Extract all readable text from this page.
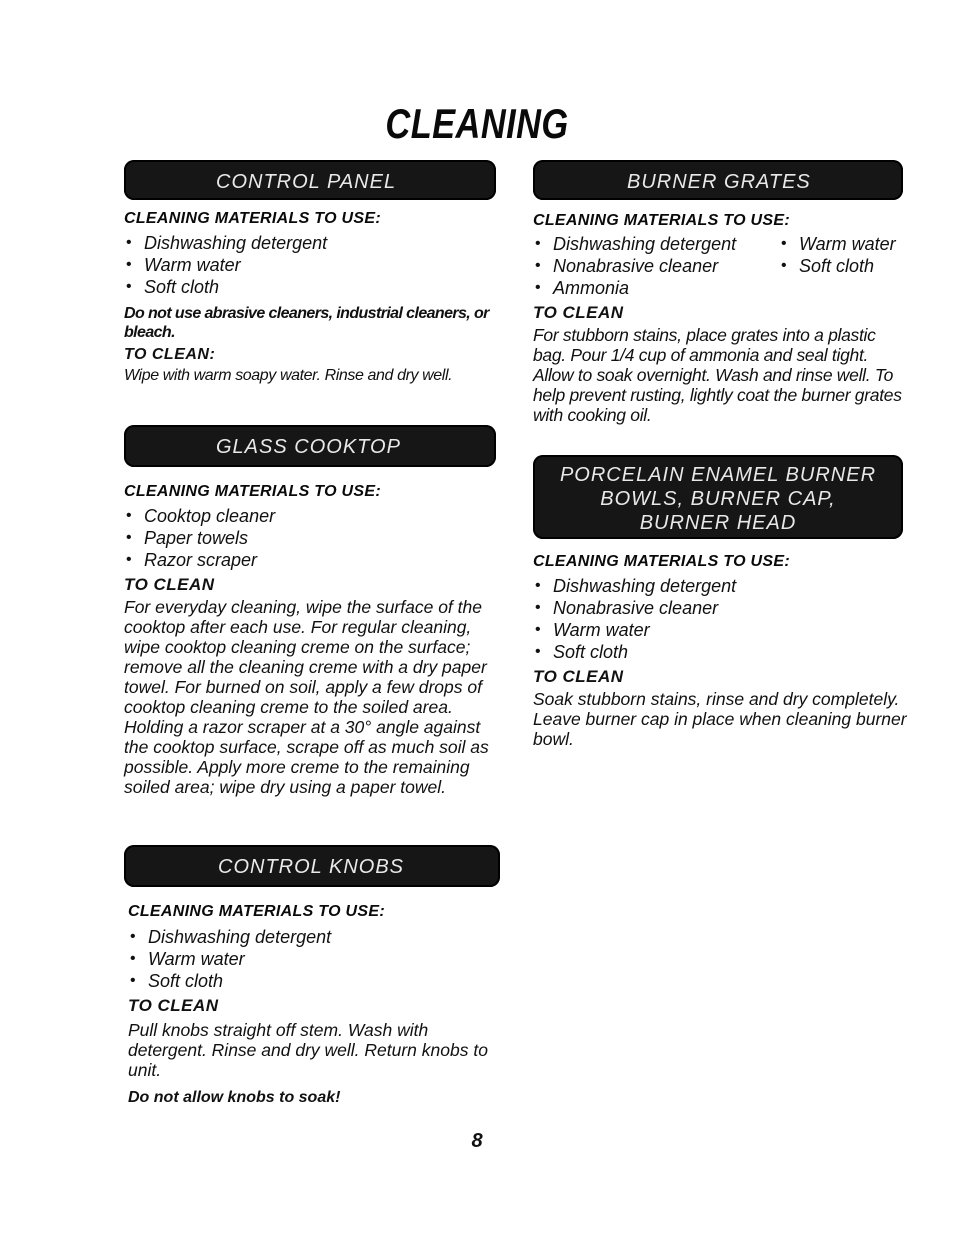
CLEANING
CONTROL PANEL

CLEANING MATERIALS TO USE:

• Dishwashing detergent
• Warm water
• Soft cloth

Do not use abrasive cleaners, industrial cleaners, or bleach.

TO CLEAN:

Wipe with warm soapy water. Rinse and dry well.

GLASS COOKTOP

CLEANING MATERIALS TO USE:

• Cooktop cleaner
• Paper towels
• Razor scraper

TO CLEAN

For everyday cleaning, wipe the surface of the cooktop after each use. For regular cleaning, wipe cooktop cleaning creme on the surface; remove all the cleaning creme with a dry paper towel. For burned on soil, apply a few drops of cooktop cleaning creme to the soiled area. Holding a razor scraper at a 30° angle against the cooktop surface, scrape off as much soil as possible. Apply more creme to the remaining soiled area; wipe dry using a paper towel.

CONTROL KNOBS

CLEANING MATERIALS TO USE:

• Dishwashing detergent
• Warm water
• Soft cloth

TO CLEAN

Pull knobs straight off stem. Wash with detergent. Rinse and dry well. Return knobs to unit.

Do not allow knobs to soak!

BURNER GRATES

CLEANING MATERIALS TO USE:

• Dishwashing detergent
• Nonabrasive cleaner
• Ammonia
• Warm water
• Soft cloth

TO CLEAN

For stubborn stains, place grates into a plastic bag. Pour 1/4 cup of ammonia and seal tight. Allow to soak overnight. Wash and rinse well. To help prevent rusting, lightly coat the burner grates with cooking oil.

PORCELAIN ENAMEL BURNER
BOWLS, BURNER CAP,
BURNER HEAD

CLEANING MATERIALS TO USE:

• Dishwashing detergent
• Nonabrasive cleaner
• Warm water
• Soft cloth

TO CLEAN

Soak stubborn stains, rinse and dry completely. Leave burner cap in place when cleaning burner bowl.

8
